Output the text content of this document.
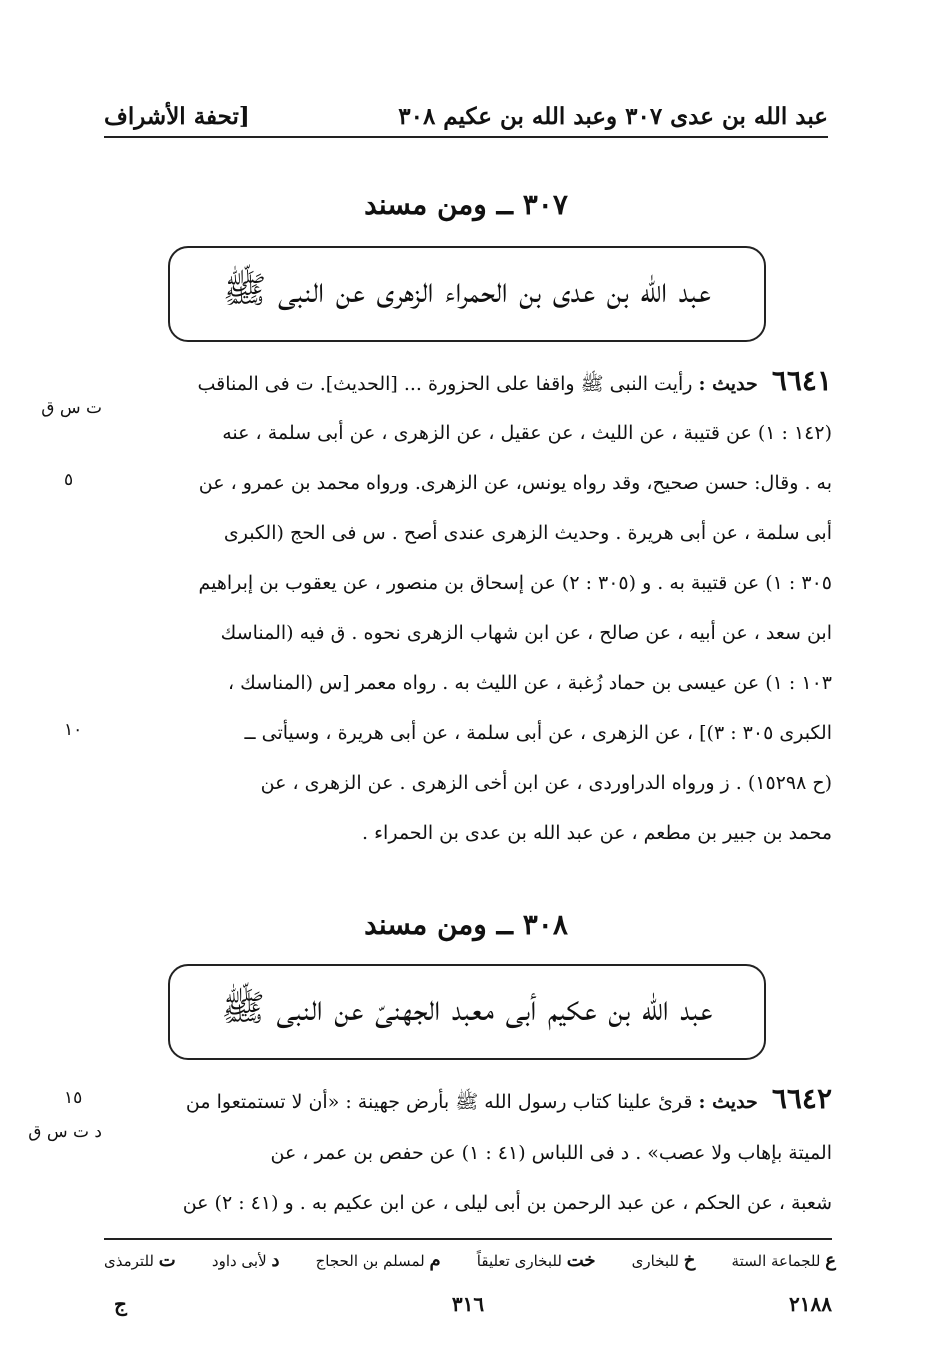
عبد الله بن عدى ٣٠٧ وعبد الله بن عكيم ٣٠٨
[تحفة الأشراف
٣٠٧ ــ ومن مسند
عبد الله بن عدى بن الحمراء الزهرى عن النبى ﷺ
٦٦٤١ حديث : رأيت النبى ﷺ واقفا على الحزورة ... [الحديث]. ت فى المناقب
(١٤٢ : ١) عن قتيبة ، عن الليث ، عن عقيل ، عن الزهرى ، عن أبى سلمة ، عنه
به . وقال: حسن صحيح، وقد رواه يونس، عن الزهرى. ورواه محمد بن عمرو ، عن
أبى سلمة ، عن أبى هريرة . وحديث الزهرى عندى أصح . س فى الحج (الكبرى
٣٠٥ : ١) عن قتيبة به . و (٣٠٥ : ٢) عن إسحاق بن منصور ، عن يعقوب بن إبراهيم
ابن سعد ، عن أبيه ، عن صالح ، عن ابن شهاب الزهرى نحوه . ق فيه (المناسك
١٠٣ : ١) عن عيسى بن حماد زُغبة ، عن الليث به . رواه معمر [س (المناسك ،
الكبرى ٣٠٥ : ٣)] ، عن الزهرى ، عن أبى سلمة ، عن أبى هريرة ، وسيأتى ــ
(ح ١٥٢٩٨) . ز ورواه الدراوردى ، عن ابن أخى الزهرى . عن الزهرى ، عن
محمد بن جبير بن مطعم ، عن عبد الله بن عدى بن الحمراء .
ت س ق
٥
١٠
٣٠٨ ــ ومن مسند
عبد الله بن عكيم أبى معبد الجهنىّ عن النبى ﷺ
٦٦٤٢ حديث : قرئ علينا كتاب رسول الله ﷺ بأرض جهينة : «أن لا تستمتعوا من
الميتة بإهاب ولا عصب» . د فى اللباس (٤١ : ١) عن حفص بن عمر ، عن
شعبة ، عن الحكم ، عن عبد الرحمن بن أبى ليلى ، عن ابن عكيم به . و (٤١ : ٢) عن
د ت س ق
١٥
ع للجماعة الستة
خ للبخارى
خت للبخارى تعليقاً
م لمسلم بن الحجاج
د لأبى داود
ت للترمذى
٢١٨٨
٣١٦
ج
